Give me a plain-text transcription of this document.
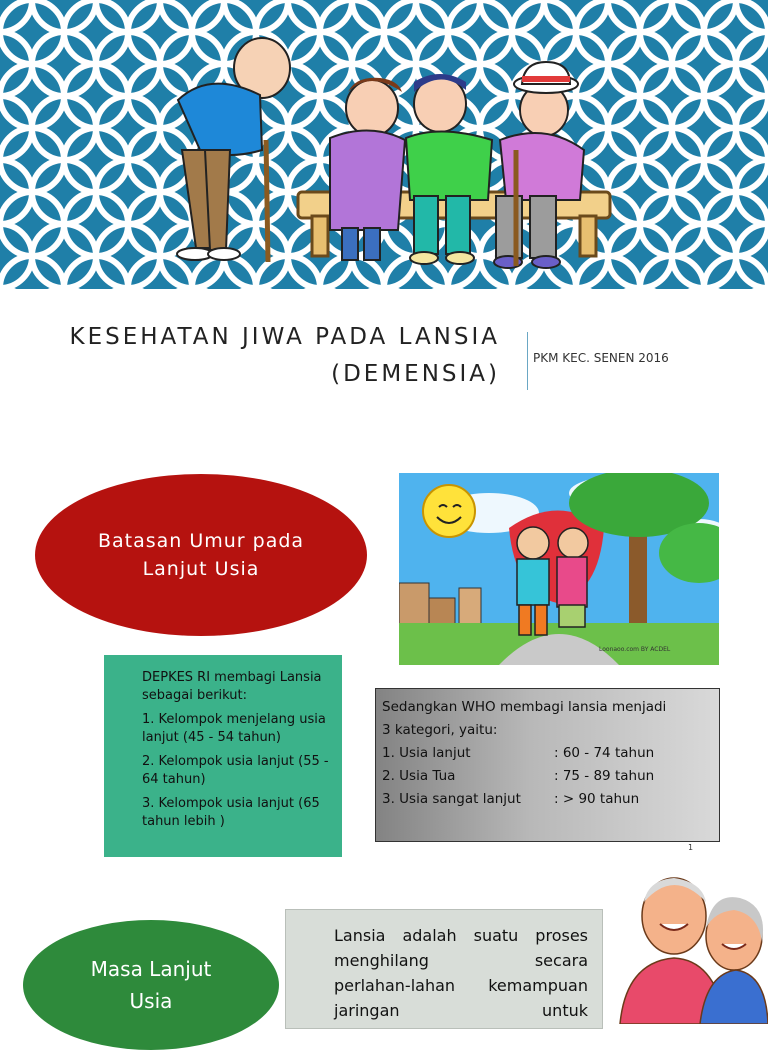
KESEHATAN JIWA PADA LANSIA
(DEMENSIA)
PKM KEC. SENEN 2016
Batasan Umur pada
Lanjut Usia
Loonaoo.com BY ACDEL

DEPKES RI membagi Lansia sebagai berikut:

1. Kelompok menjelang usia lanjut (45 - 54 tahun)

2. Kelompok usia lanjut (55 - 64 tahun)

3. Kelompok usia lanjut (65 tahun lebih )

Sedangkan WHO membagi lansia menjadi
3 kategori, yaitu:
1. Usia lanjut	: 60 - 74 tahun
2. Usia Tua	: 75 - 89 tahun
3. Usia sangat lanjut	: > 90 tahun
1
Masa Lanjut
Usia
Lansia adalah suatu proses
menghilang secara
perlahan-lahan kemampuan
jaringan untuk
